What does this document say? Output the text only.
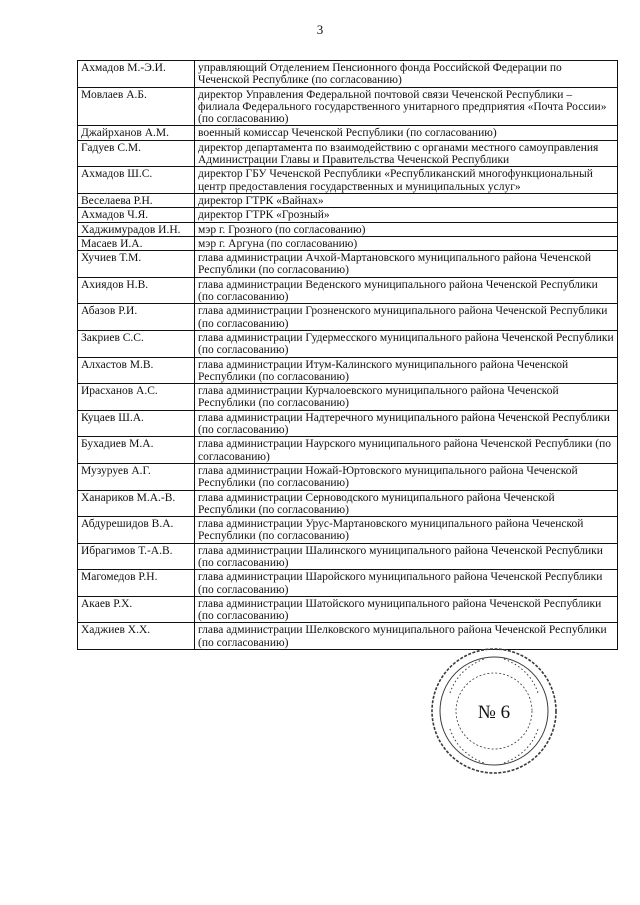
3
Ахмадов М.-Э.И.	управляющий Отделением Пенсионного фонда Российской Федерации по Чеченской Республике (по согласованию)
Мовлаев А.Б.	директор Управления Федеральной почтовой связи Чеченской Республики – филиала Федерального государственного унитарного предприятия «Почта России» (по согласованию)
Джайрханов А.М.	военный комиссар Чеченской Республики (по согласованию)
Гадуев С.М.	директор департамента по взаимодействию с органами местного самоуправления Администрации Главы и Правительства Чеченской Республики
Ахмадов Ш.С.	директор ГБУ Чеченской Республики «Республиканский многофункциональный центр предоставления государственных и муниципальных услуг»
Веселаева Р.Н.	директор ГТРК «Вайнах»
Ахмадов Ч.Я.	директор ГТРК «Грозный»
Хаджимурадов И.Н.	мэр г. Грозного (по согласованию)
Масаев И.А.	мэр г. Аргуна (по согласованию)
Хучиев Т.М.	глава администрации Ачхой-Мартановского муниципального района Чеченской Республики (по согласованию)
Ахиядов Н.В.	глава администрации Веденского муниципального района Чеченской Республики (по согласованию)
Абазов Р.И.	глава администрации Грозненского муниципального района Чеченской Республики (по согласованию)
Закриев С.С.	глава администрации Гудермесского муниципального района Чеченской Республики (по согласованию)
Алхастов М.В.	глава администрации Итум-Калинского муниципального района Чеченской Республики (по согласованию)
Ирасханов А.С.	глава администрации Курчалоевского муниципального района Чеченской Республики (по согласованию)
Куцаев Ш.А.	глава администрации Надтеречного муниципального района Чеченской Республики (по согласованию)
Бухадиев М.А.	глава администрации Наурского муниципального района Чеченской Республики (по согласованию)
Музуруев А.Г.	глава администрации Ножай-Юртовского муниципального района Чеченской Республики (по согласованию)
Ханариков М.А.-В.	глава администрации Серноводского муниципального района Чеченской Республики (по согласованию)
Абдурешидов В.А.	глава администрации Урус-Мартановского муниципального района Чеченской Республики (по согласованию)
Ибрагимов Т.-А.В.	глава администрации Шалинского муниципального района Чеченской Республики (по согласованию)
Магомедов Р.Н.	глава администрации Шаройского муниципального района Чеченской Республики (по согласованию)
Акаев Р.Х.	глава администрации Шатойского муниципального района Чеченской Республики (по согласованию)
Хаджиев Х.Х.	глава администрации Шелковского муниципального района Чеченской Республики (по согласованию)
№ 6
